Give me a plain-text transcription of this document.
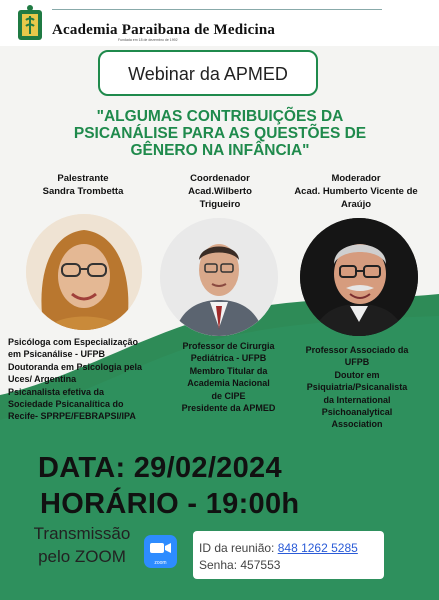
Academia Paraibana de Medicina
Fundada em 18 de dezembro de 1992
Webinar da APMED
"ALGUMAS CONTRIBUIÇÕES DA
PSICANÁLISE PARA AS QUESTÕES DE
GÊNERO NA INFÂNCIA"
Palestrante
Sandra Trombetta
Psicóloga com Especialização
em Psicanálise - UFPB
Doutoranda em Psicologia pela
Uces/ Argentina
Psicanalista efetiva da
Sociedade Psicanalítica do
Recife- SPRPE/FEBRAPSI/IPA
Coordenador
Acad.Wilberto
Trigueiro
Professor de Cirurgia
Pediátrica - UFPB
Membro Titular da
Academia Nacional
de CIPE
Presidente da APMED
Moderador
Acad. Humberto Vicente de
Araújo
Professor Associado da
UFPB
Doutor em
Psiquiatria/Psicanalista
da International
Psichoanalytical
Association
DATA: 29/02/2024
HORÁRIO - 19:00h
Transmissão
pelo ZOOM	zoom
ID da reunião: 848 1262 5285
Senha: 457553
